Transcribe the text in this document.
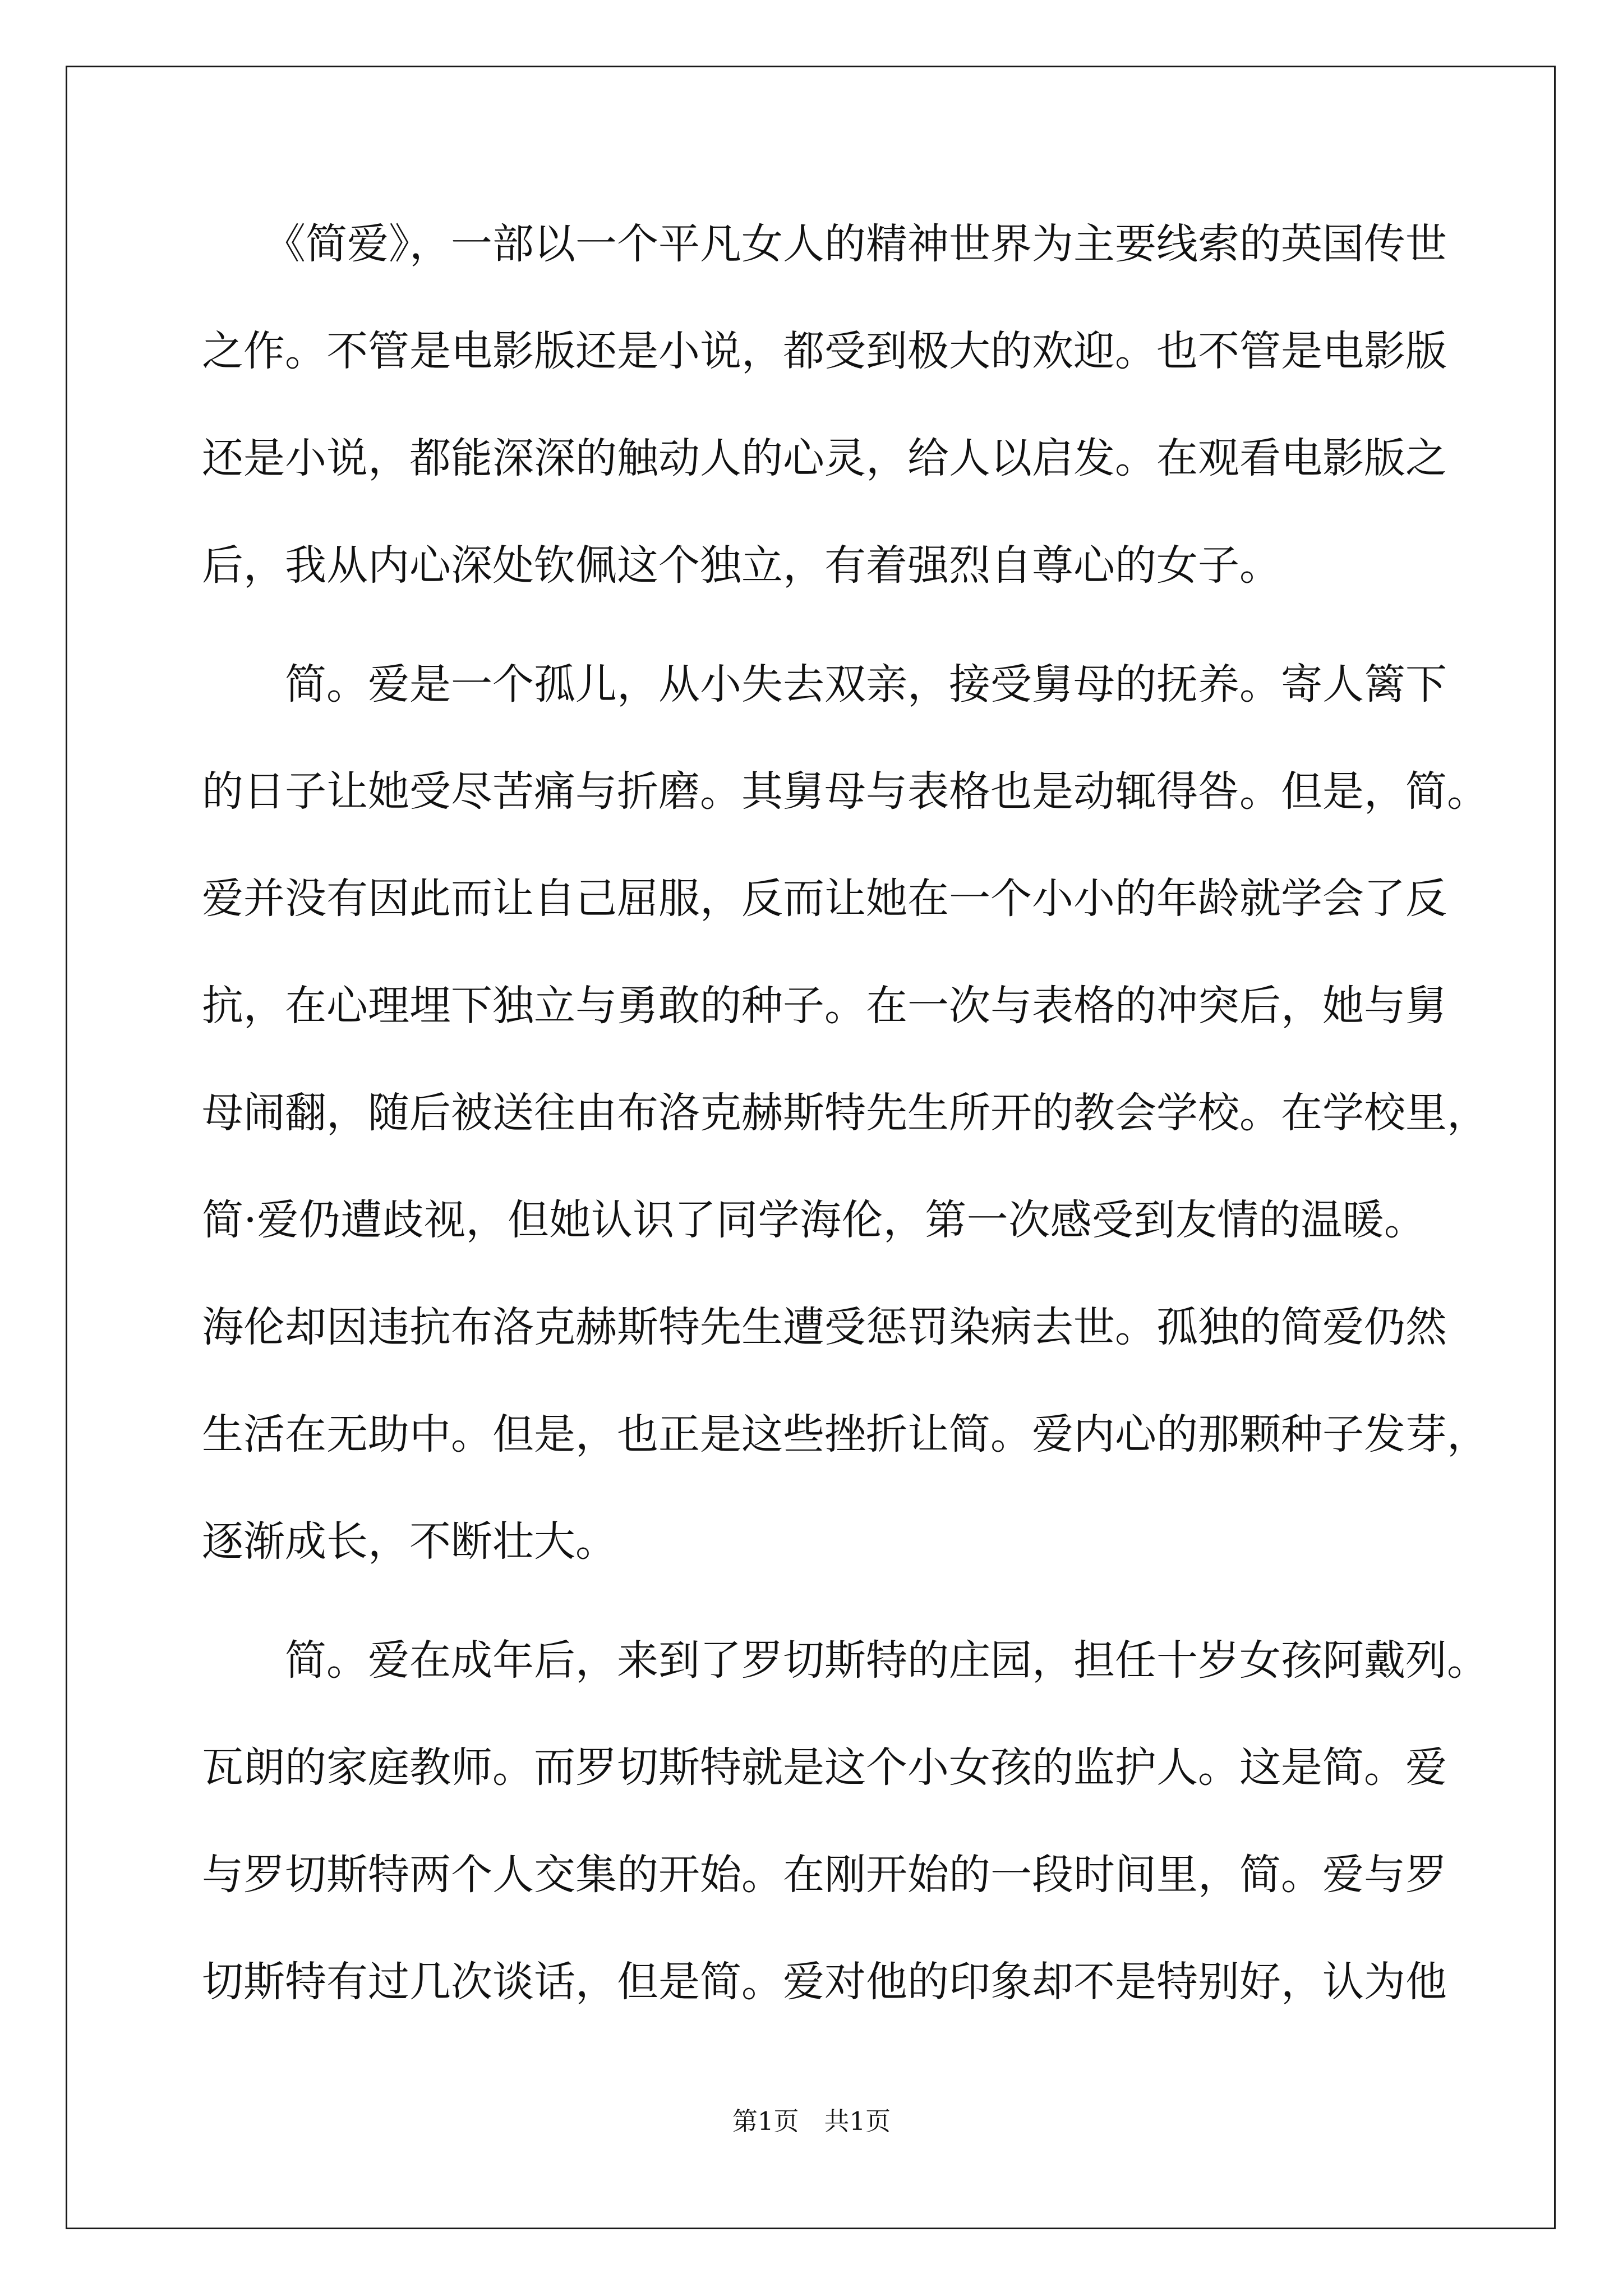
　　《简爱》，一部以一个平凡女人的精神世界为主要线索的英国传世
之作。不管是电影版还是小说，都受到极大的欢迎。也不管是电影版
还是小说，都能深深的触动人的心灵，给人以启发。在观看电影版之
后，我从内心深处钦佩这个独立，有着强烈自尊心的女子。
　　简。爱是一个孤儿，从小失去双亲，接受舅母的抚养。寄人篱下
的日子让她受尽苦痛与折磨。其舅母与表格也是动辄得咎。但是，简。
爱并没有因此而让自己屈服，反而让她在一个小小的年龄就学会了反
抗，在心理埋下独立与勇敢的种子。在一次与表格的冲突后，她与舅
母闹翻，随后被送往由布洛克赫斯特先生所开的教会学校。在学校里，
简·爱仍遭歧视，但她认识了同学海伦，第一次感受到友情的温暖。
海伦却因违抗布洛克赫斯特先生遭受惩罚染病去世。孤独的简爱仍然
生活在无助中。但是，也正是这些挫折让简。爱内心的那颗种子发芽，
逐渐成长，不断壮大。
　　简。爱在成年后，来到了罗切斯特的庄园，担任十岁女孩阿戴列。
瓦朗的家庭教师。而罗切斯特就是这个小女孩的监护人。这是简。爱
与罗切斯特两个人交集的开始。在刚开始的一段时间里，简。爱与罗
切斯特有过几次谈话，但是简。爱对他的印象却不是特别好，认为他
第1页　共1页
